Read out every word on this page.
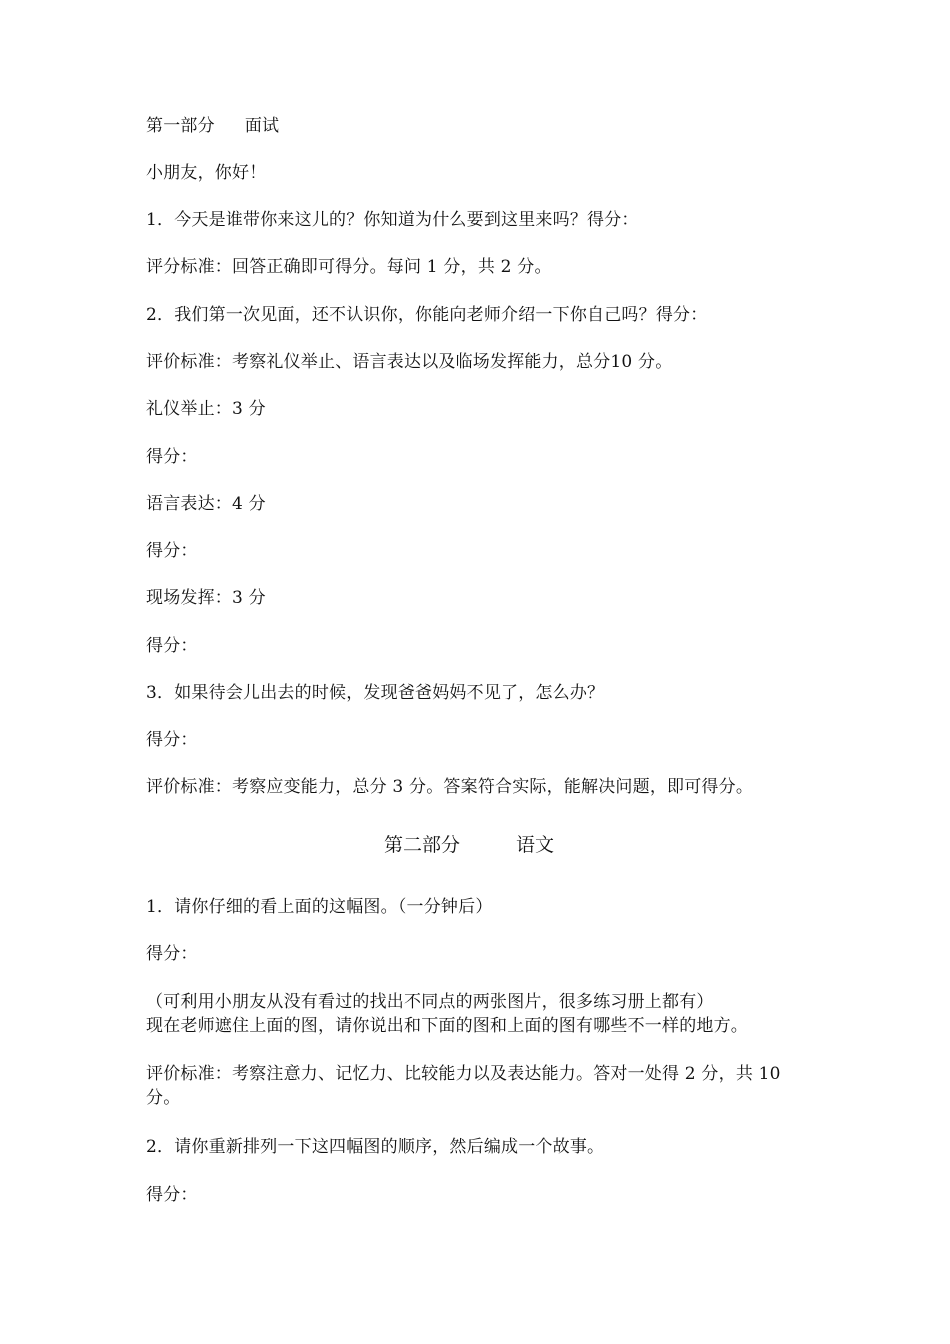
第一部分 面试
小朋友，你好！
1．今天是谁带你来这儿的？你知道为什么要到这里来吗？得分：
评分标准：回答正确即可得分。每问 1 分，共 2 分。
2．我们第一次见面，还不认识你，你能向老师介绍一下你自己吗？得分：
评价标准：考察礼仪举止、语言表达以及临场发挥能力，总分10 分。
礼仪举止：3 分
得分：
语言表达：4 分
得分：
现场发挥：3 分
得分：
3．如果待会儿出去的时候，发现爸爸妈妈不见了，怎么办？
得分：
评价标准：考察应变能力，总分 3 分。答案符合实际，能解决问题，即可得分。
第二部分	语文
1．请你仔细的看上面的这幅图。（一分钟后）
得分：
（可利用小朋友从没有看过的找出不同点的两张图片，很多练习册上都有）
现在老师遮住上面的图，请你说出和下面的图和上面的图有哪些不一样的地方。
评价标准：考察注意力、记忆力、比较能力以及表达能力。答对一处得 2 分，共 10 分。
2．请你重新排列一下这四幅图的顺序，然后编成一个故事。
得分：
